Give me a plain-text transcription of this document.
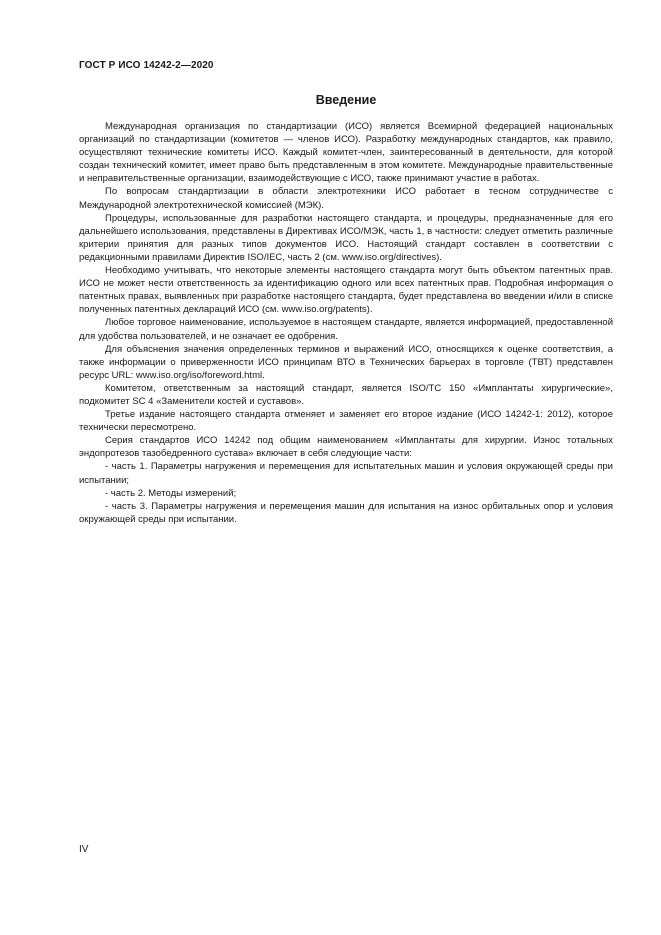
ГОСТ Р ИСО 14242-2—2020
Введение

Международная организация по стандартизации (ИСО) является Всемирной федерацией национальных организаций по стандартизации (комитетов — членов ИСО). Разработку международных стандартов, как правило, осуществляют технические комитеты ИСО. Каждый комитет-член, заинтересованный в деятельности, для которой создан технический комитет, имеет право быть представленным в этом комитете. Международные правительственные и неправительственные организации, взаимодействующие с ИСО, также принимают участие в работах.

По вопросам стандартизации в области электротехники ИСО работает в тесном сотрудничестве с Международной электротехнической комиссией (МЭК).

Процедуры, использованные для разработки настоящего стандарта, и процедуры, предназначенные для его дальнейшего использования, представлены в Директивах ИСО/МЭК, часть 1, в частности: следует отметить различные критерии принятия для разных типов документов ИСО. Настоящий стандарт составлен в соответствии с редакционными правилами Директив ISO/IEC, часть 2 (см. www.iso.org/directives).

Необходимо учитывать, что некоторые элементы настоящего стандарта могут быть объектом патентных прав. ИСО не может нести ответственность за идентификацию одного или всех патентных прав. Подробная информация о патентных правах, выявленных при разработке настоящего стандарта, будет представлена во введении и/или в списке полученных патентных деклараций ИСО (см. www.iso.org/patents).

Любое торговое наименование, используемое в настоящем стандарте, является информацией, предоставленной для удобства пользователей, и не означает ее одобрения.

Для объяснения значения определенных терминов и выражений ИСО, относящихся к оценке соответствия, а также информации о приверженности ИСО принципам ВТО в Технических барьерах в торговле (ТВТ) представлен ресурс URL: www.iso.org/iso/foreword.html.

Комитетом, ответственным за настоящий стандарт, является ISO/TC 150 «Имплантаты хирургические», подкомитет SC 4 «Заменители костей и суставов».

Третье издание настоящего стандарта отменяет и заменяет его второе издание (ИСО 14242-1: 2012), которое технически пересмотрено.

Серия стандартов ИСО 14242 под общим наименованием «Имплантаты для хирургии. Износ тотальных эндопротезов тазобедренного сустава» включает в себя следующие части:

- часть 1. Параметры нагружения и перемещения для испытательных машин и условия окружающей среды при испытании;

- часть 2. Методы измерений;

- часть 3. Параметры нагружения и перемещения машин для испытания на износ орбитальных опор и условия окружающей среды при испытании.

IV
